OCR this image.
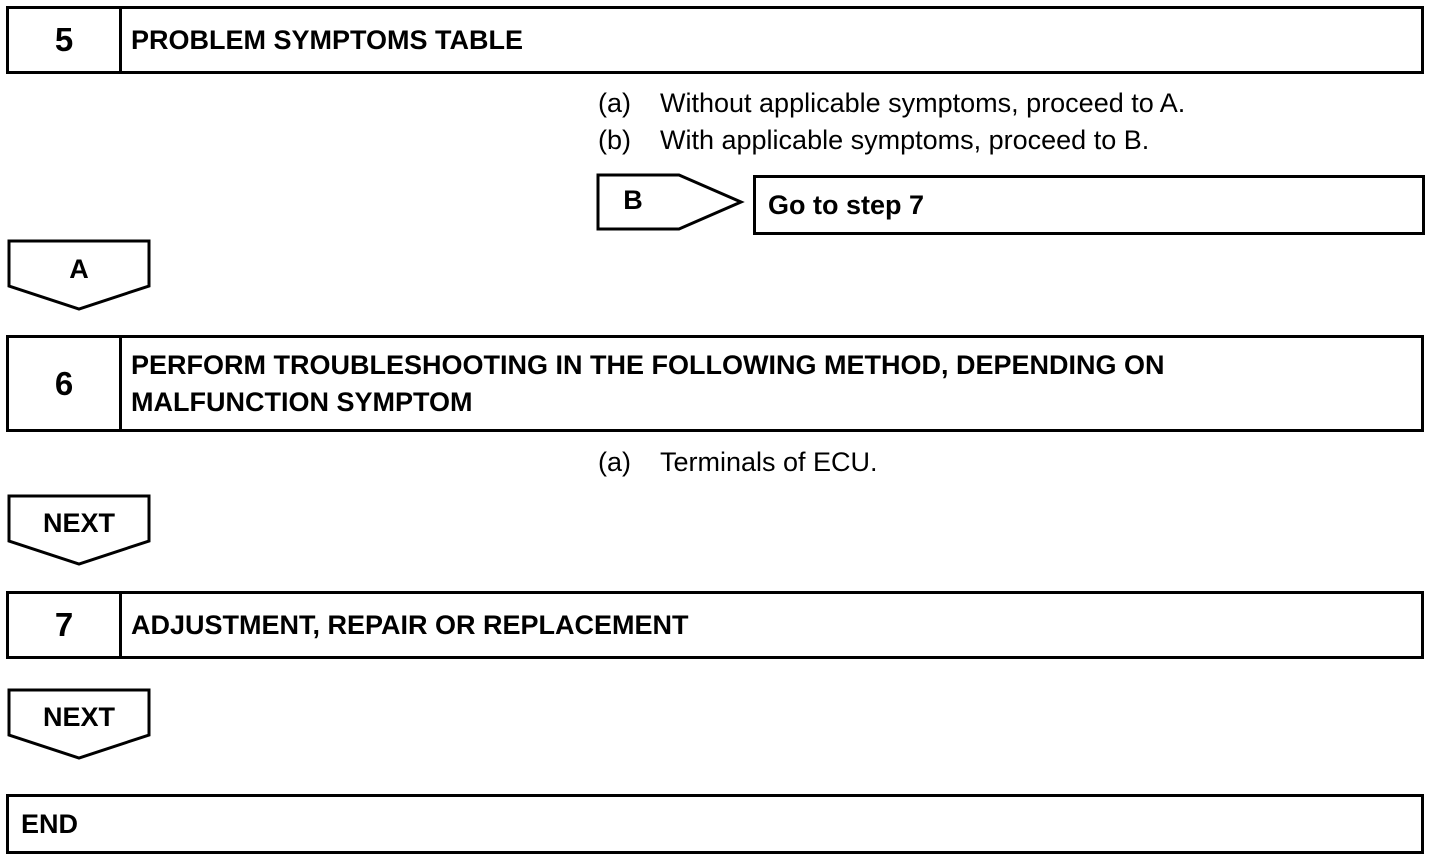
5	PROBLEM SYMPTOMS TABLE
(a) Without applicable symptoms, proceed to A.
(b) With applicable symptoms, proceed to B.
B	Go to step 7
A
6	PERFORM TROUBLESHOOTING IN THE FOLLOWING METHOD, DEPENDING ON
MALFUNCTION SYMPTOM
(a) Terminals of ECU.
NEXT
7	ADJUSTMENT, REPAIR OR REPLACEMENT
NEXT
END
